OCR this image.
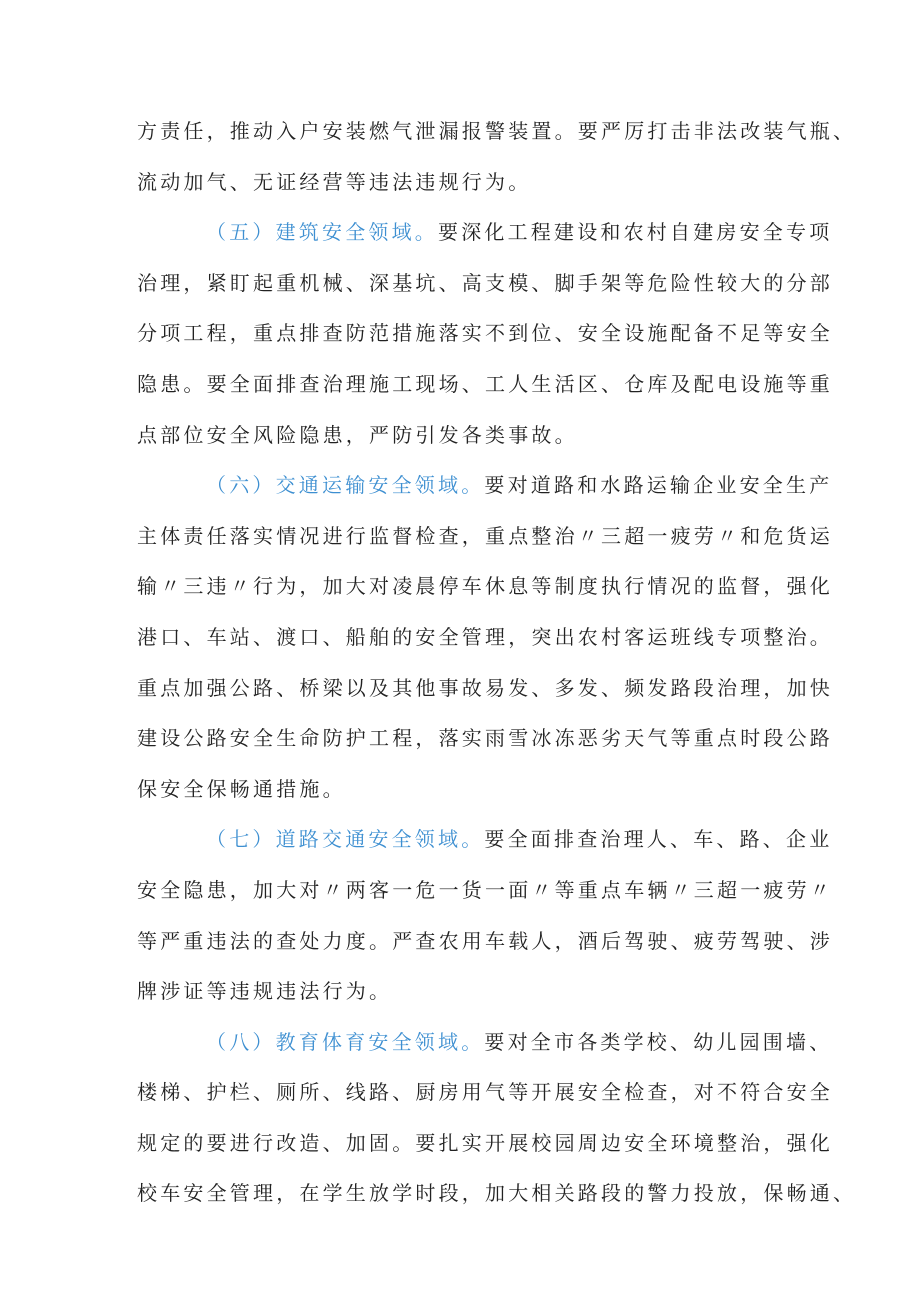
方责任，推动入户安装燃气泄漏报警装置。要严厉打击非法改装气瓶、
流动加气、无证经营等违法违规行为。
（五）建筑安全领域。要深化工程建设和农村自建房安全专项
治理，紧盯起重机械、深基坑、高支模、脚手架等危险性较大的分部
分项工程，重点排查防范措施落实不到位、安全设施配备不足等安全
隐患。要全面排查治理施工现场、工人生活区、仓库及配电设施等重
点部位安全风险隐患，严防引发各类事故。
（六）交通运输安全领域。要对道路和水路运输企业安全生产
主体责任落实情况进行监督检查，重点整治〃三超一疲劳〃和危货运
输〃三违〃行为，加大对凌晨停车休息等制度执行情况的监督，强化
港口、车站、渡口、船舶的安全管理，突出农村客运班线专项整治。
重点加强公路、桥梁以及其他事故易发、多发、频发路段治理，加快
建设公路安全生命防护工程，落实雨雪冰冻恶劣天气等重点时段公路
保安全保畅通措施。
（七）道路交通安全领域。要全面排查治理人、车、路、企业
安全隐患，加大对〃两客一危一货一面〃等重点车辆〃三超一疲劳〃
等严重违法的查处力度。严查农用车载人，酒后驾驶、疲劳驾驶、涉
牌涉证等违规违法行为。
（八）教育体育安全领域。要对全市各类学校、幼儿园围墙、
楼梯、护栏、厕所、线路、厨房用气等开展安全检查，对不符合安全
规定的要进行改造、加固。要扎实开展校园周边安全环境整治，强化
校车安全管理，在学生放学时段，加大相关路段的警力投放，保畅通、
